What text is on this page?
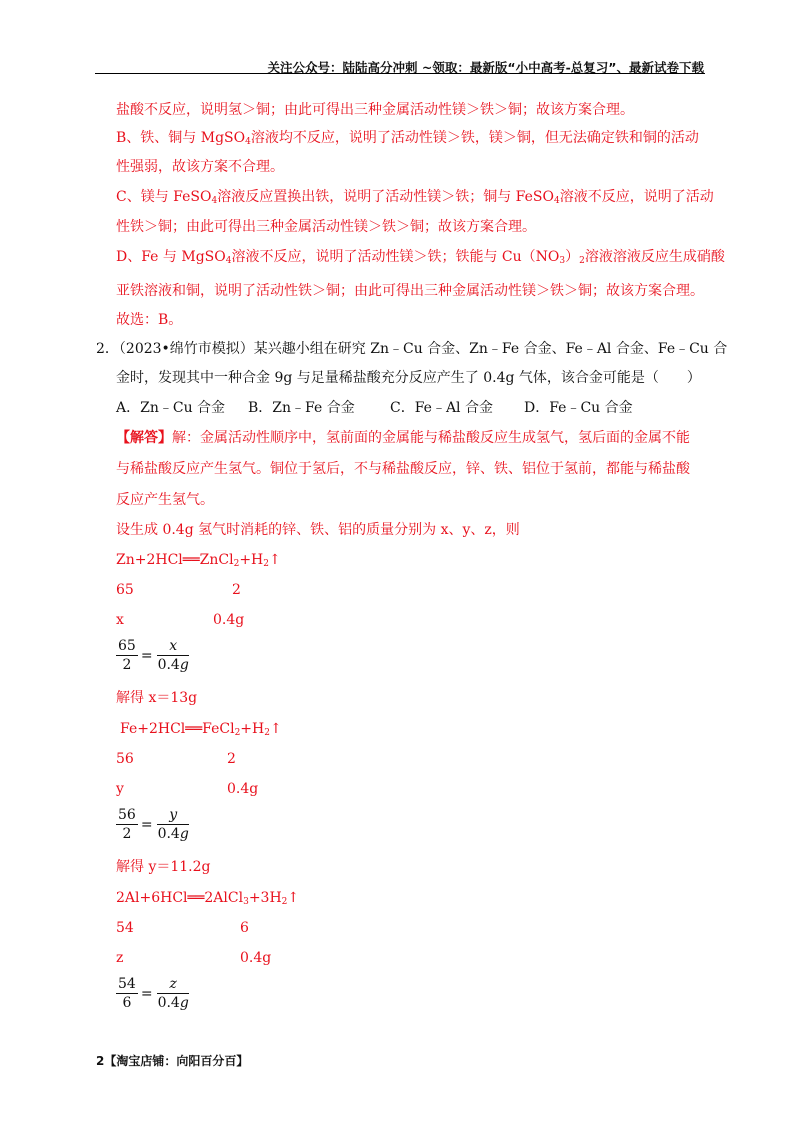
关注公众号：陆陆高分冲刺 ~领取：最新版“小中高考-总复习”、最新试卷下载
盐酸不反应，说明氢＞铜；由此可得出三种金属活动性镁＞铁＞铜；故该方案合理。
B、铁、铜与 MgSO$_4$溶液均不反应，说明了活动性镁＞铁，镁＞铜，但无法确定铁和铜的活动
性强弱，故该方案不合理。
C、镁与 FeSO$_4$溶液反应置换出铁，说明了活动性镁＞铁；铜与 FeSO$_4$溶液不反应，说明了活动
性铁＞铜；由此可得出三种金属活动性镁＞铁＞铜；故该方案合理。
D、Fe 与 MgSO$_4$溶液不反应，说明了活动性镁＞铁；铁能与 $Cu(NO_3)_2$溶液溶液反应生成硝酸
亚铁溶液和铜，说明了活动性铁＞铜；由此可得出三种金属活动性镁＞铁＞铜；故该方案合理。
故选：B。
2．（2023•绵竹市模拟）某兴趣小组在研究 Zn﹣Cu 合金、Zn﹣Fe 合金、Fe﹣Al 合金、Fe﹣Cu 合
金时，发现其中一种合金 9g 与足量稀盐酸充分反应产生了 0.4g 气体，该合金可能是（　　）
A．Zn﹣Cu 合金 B．Zn﹣Fe 合金	C．Fe﹣Al 合金 D．Fe﹣Cu 合金
【解答】解：金属活动性顺序中，氢前面的金属能与稀盐酸反应生成氢气，氢后面的金属不能
与稀盐酸反应产生氢气。铜位于氢后，不与稀盐酸反应，锌、铁、铝位于氢前，都能与稀盐酸
反应产生氢气。
设生成 0.4g 氢气时消耗的锌、铁、铝的质量分别为 x、y、z，则
$Zn+2HCl══ZnCl_2+H_2↑$
65	2
x	0.4g
$\frac{65}{2} = \frac{x}{0.4g}$
解得 x＝13g
$Fe+2HCl══FeCl_2+H_2↑$
56	2
y	0.4g
$\frac{56}{2} = \frac{y}{0.4g}$
解得 y＝11.2g
$2Al+6HCl══2AlCl_3+3H_2↑$
54	6
z	0.4g
$\frac{54}{6} = \frac{z}{0.4g}$
2【淘宝店铺：向阳百分百】
